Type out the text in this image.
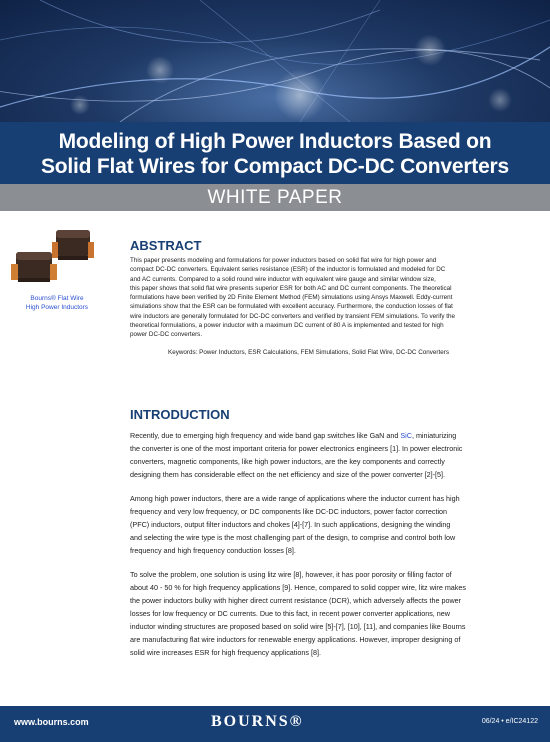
Modeling of High Power Inductors Based on
Solid Flat Wires for Compact DC-DC Converters
WHITE PAPER
Bourns® Flat Wire
High Power Inductors
ABSTRACT
This paper presents modeling and formulations for power inductors based on solid flat wire for high power and
compact DC-DC converters. Equivalent series resistance (ESR) of the inductor is formulated and modeled for DC
and AC currents. Compared to a solid round wire inductor with equivalent wire gauge and similar window size,
this paper shows that solid flat wire presents superior ESR for both AC and DC current components. The theoretical
formulations have been verified by 2D Finite Element Method (FEM) simulations using Ansys Maxwell. Eddy-current
simulations show that the ESR can be formulated with excellent accuracy. Furthermore, the conduction losses of flat
wire inductors are generally formulated for DC-DC converters and verified by transient FEM simulations. To verify the
theoretical formulations, a power inductor with a maximum DC current of 80 A is implemented and tested for high
power DC-DC converters.
Keywords: Power Inductors, ESR Calculations, FEM Simulations, Solid Flat Wire, DC-DC Converters
INTRODUCTION

Recently, due to emerging high frequency and wide band gap switches like GaN and SiC, miniaturizing
the converter is one of the most important criteria for power electronics engineers [1]. In power electronic
converters, magnetic components, like high power inductors, are the key components and correctly
designing them has considerable effect on the net efficiency and size of the power converter [2]-[5].

Among high power inductors, there are a wide range of applications where the inductor current has high
frequency and very low frequency, or DC components like DC-DC inductors, power factor correction
(PFC) inductors, output filter inductors and chokes [4]-[7]. In such applications, designing the winding
and selecting the wire type is the most challenging part of the design, to comprise and control both low
frequency and high frequency conduction losses [8].

To solve the problem, one solution is using litz wire [8], however, it has poor porosity or filling factor of
about 40 - 50 % for high frequency applications [9]. Hence, compared to solid copper wire, litz wire makes
the power inductors bulky with higher direct current resistance (DCR), which adversely affects the power
losses for low frequency or DC currents. Due to this fact, in recent power converter applications, new
inductor winding structures are proposed based on solid wire [5]-[7], [10], [11], and companies like Bourns
are manufacturing flat wire inductors for renewable energy applications. However, improper designing of
solid wire increases ESR for high frequency applications [8].

www.bourns.com	BOURNS®	06/24 • e/IC24122
